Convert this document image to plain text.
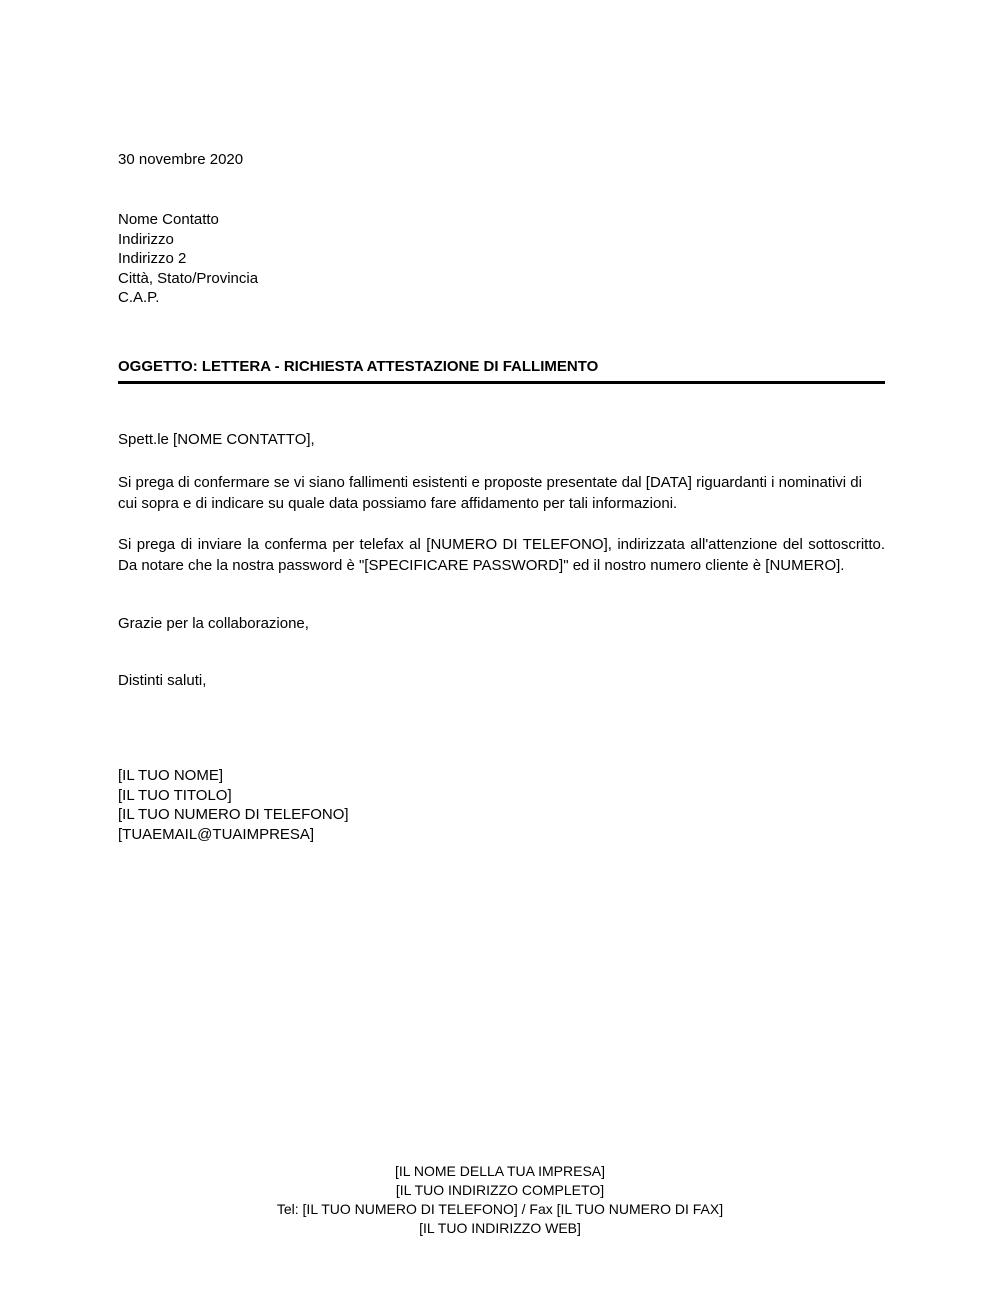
30 novembre 2020
Nome Contatto
Indirizzo
Indirizzo 2
Città, Stato/Provincia
C.A.P.
OGGETTO: LETTERA - RICHIESTA ATTESTAZIONE DI FALLIMENTO

Spett.le [NOME CONTATTO],

Si prega di confermare se vi siano fallimenti esistenti e proposte presentate dal [DATA] riguardanti i nominativi di cui sopra e di indicare su quale data possiamo fare affidamento per tali informazioni.

Si prega di inviare la conferma per telefax al [NUMERO DI TELEFONO], indirizzata all'attenzione del sottoscritto. Da notare che la nostra password è "[SPECIFICARE PASSWORD]" ed il nostro numero cliente è [NUMERO].

Grazie per la collaborazione,

Distinti saluti,

[IL TUO NOME]
[IL TUO TITOLO]
[IL TUO NUMERO DI TELEFONO]
[TUAEMAIL@TUAIMPRESA]
[IL NOME DELLA TUA IMPRESA]
[IL TUO INDIRIZZO COMPLETO]
Tel: [IL TUO NUMERO DI TELEFONO] / Fax [IL TUO NUMERO DI FAX]
[IL TUO INDIRIZZO WEB]
